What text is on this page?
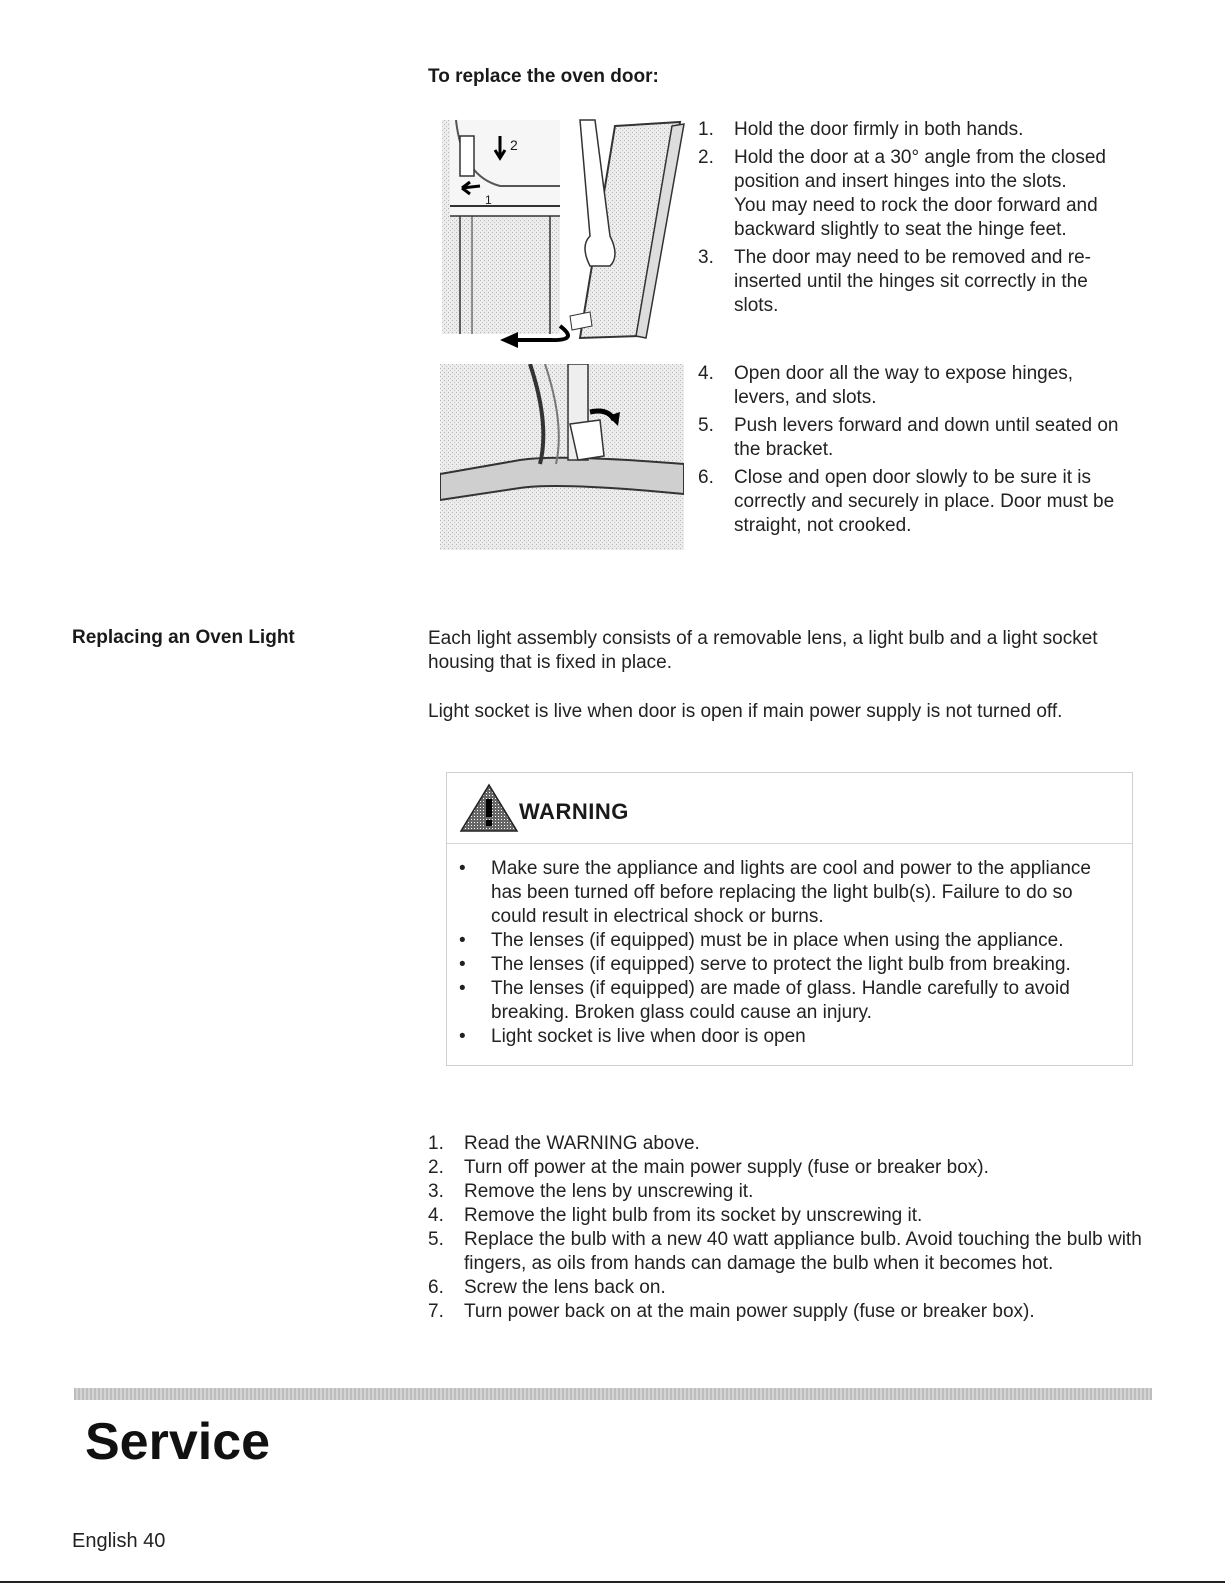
To replace the oven door:
2
1
1. Hold the door firmly in both hands.
2. Hold the door at a 30° angle from the closed position and insert hinges into the slots.
You may need to rock the door forward and backward slightly to seat the hinge feet.
3. The door may need to be removed and re-inserted until the hinges sit correctly in the slots.
4. Open door all the way to expose hinges, levers, and slots.
5. Push levers forward and down until seated on the bracket.
6. Close and open door slowly to be sure it is correctly and securely in place. Door must be straight, not crooked.
Replacing an Oven Light	Each light assembly consists of a removable lens, a light bulb and a light socket housing that is fixed in place.
Light socket is live when door is open if main power supply is not turned off.
WARNING
• Make sure the appliance and lights are cool and power to the appliance has been turned off before replacing the light bulb(s). Failure to do so could result in electrical shock or burns.
• The lenses (if equipped) must be in place when using the appliance.
• The lenses (if equipped) serve to protect the light bulb from breaking.
• The lenses (if equipped) are made of glass. Handle carefully to avoid breaking. Broken glass could cause an injury.
• Light socket is live when door is open
1. Read the WARNING above.
2. Turn off power at the main power supply (fuse or breaker box).
3. Remove the lens by unscrewing it.
4. Remove the light bulb from its socket by unscrewing it.
5. Replace the bulb with a new 40 watt appliance bulb. Avoid touching the bulb with fingers, as oils from hands can damage the bulb when it becomes hot.
6. Screw the lens back on.
7. Turn power back on at the main power supply (fuse or breaker box).
Service
English 40
